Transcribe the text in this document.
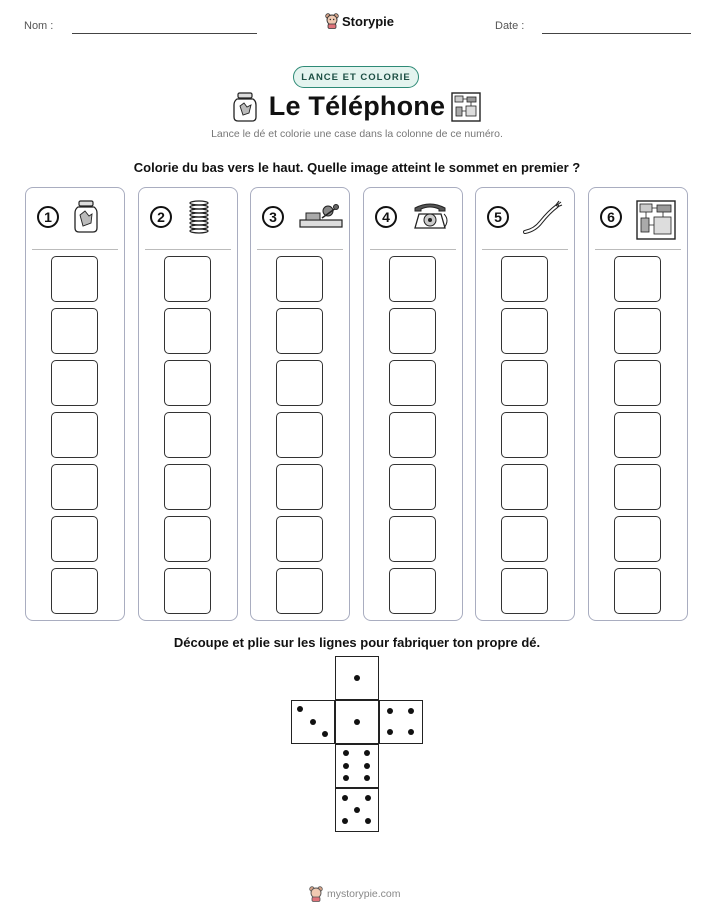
Nom :	Storypie	Date :
LANCE ET COLORIE
Le Téléphone
Lance le dé et colorie une case dans la colonne de ce numéro.
Colorie du bas vers le haut. Quelle image atteint le sommet en premier ?
1	2	3	4	5	6
Découpe et plie sur les lignes pour fabriquer ton propre dé.
mystorypie.com
